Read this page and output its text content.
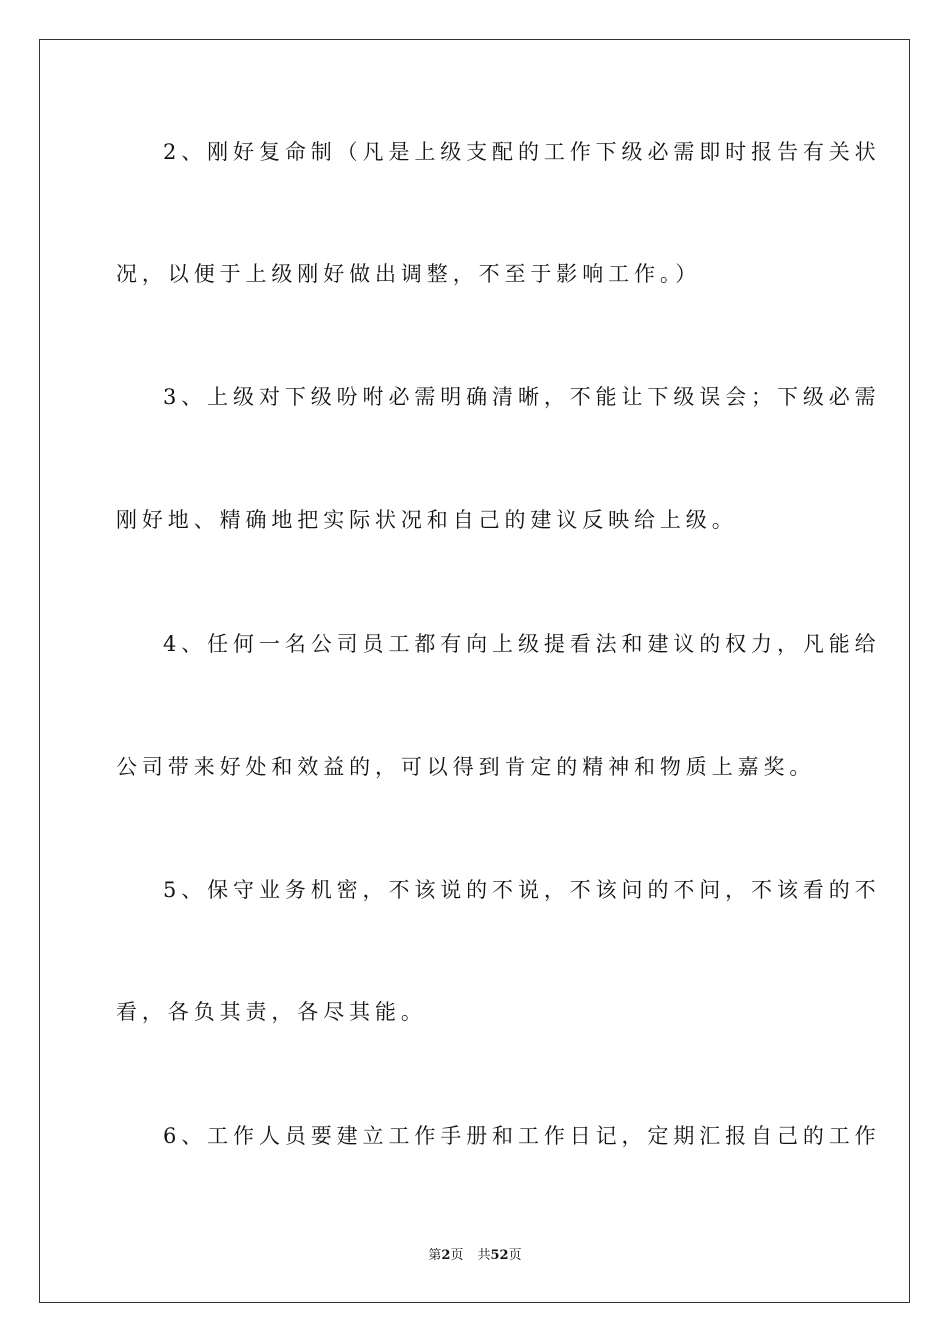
2、刚好复命制（凡是上级支配的工作下级必需即时报告有关状
况，以便于上级刚好做出调整，不至于影响工作。）
3、上级对下级吩咐必需明确清晰，不能让下级误会；下级必需
刚好地、精确地把实际状况和自己的建议反映给上级。
4、任何一名公司员工都有向上级提看法和建议的权力，凡能给
公司带来好处和效益的，可以得到肯定的精神和物质上嘉奖。
5、保守业务机密，不该说的不说，不该问的不问，不该看的不
看，各负其责，各尽其能。
6、工作人员要建立工作手册和工作日记，定期汇报自己的工作
第2页 共52页
